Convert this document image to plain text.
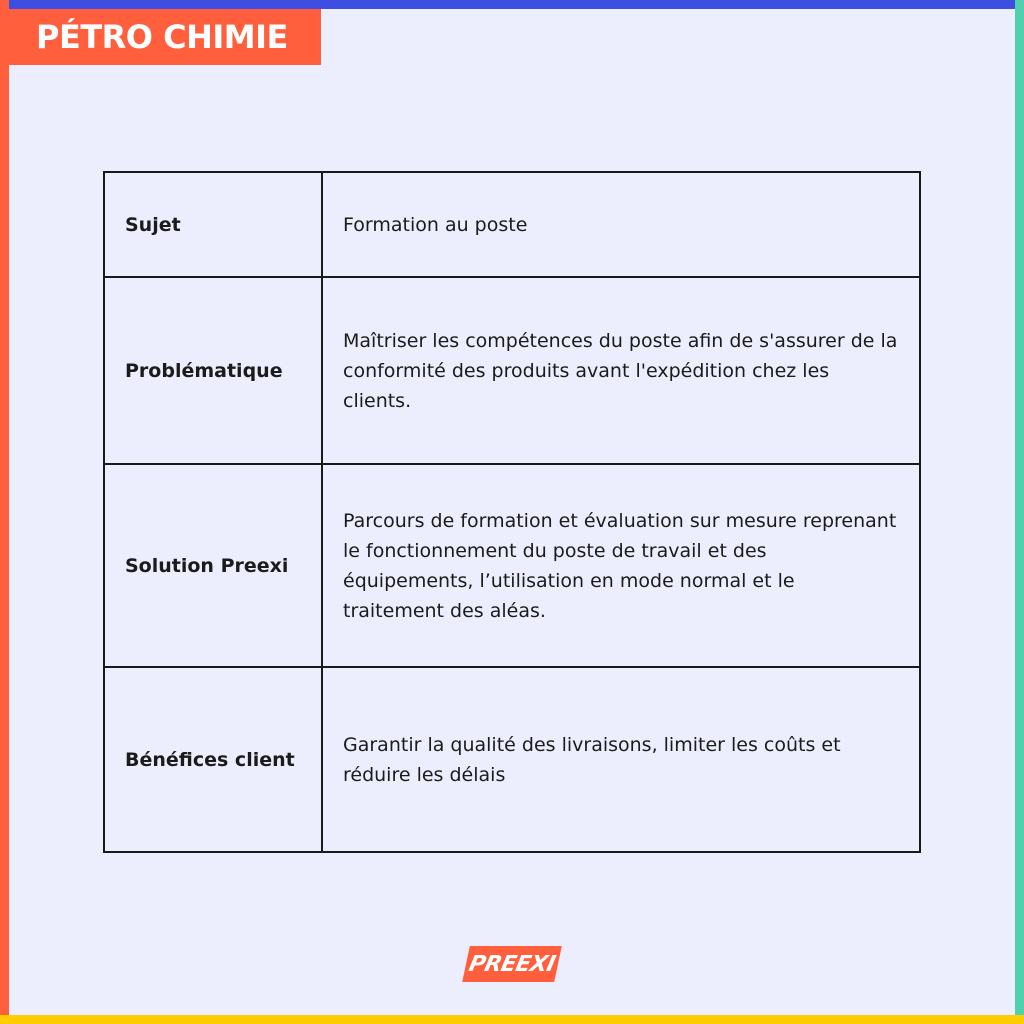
PÉTRO CHIMIE
Sujet	Formation au poste
Problématique	Maîtriser les compétences du poste afin de s'assurer de la conformité des produits avant l'expédition chez les clients.
Solution Preexi	Parcours de formation et évaluation sur mesure reprenant le fonctionnement du poste de travail et des équipements, l’utilisation en mode normal et le traitement des aléas.
Bénéfices client	Garantir la qualité des livraisons, limiter les coûts et réduire les délais
PREEXI
